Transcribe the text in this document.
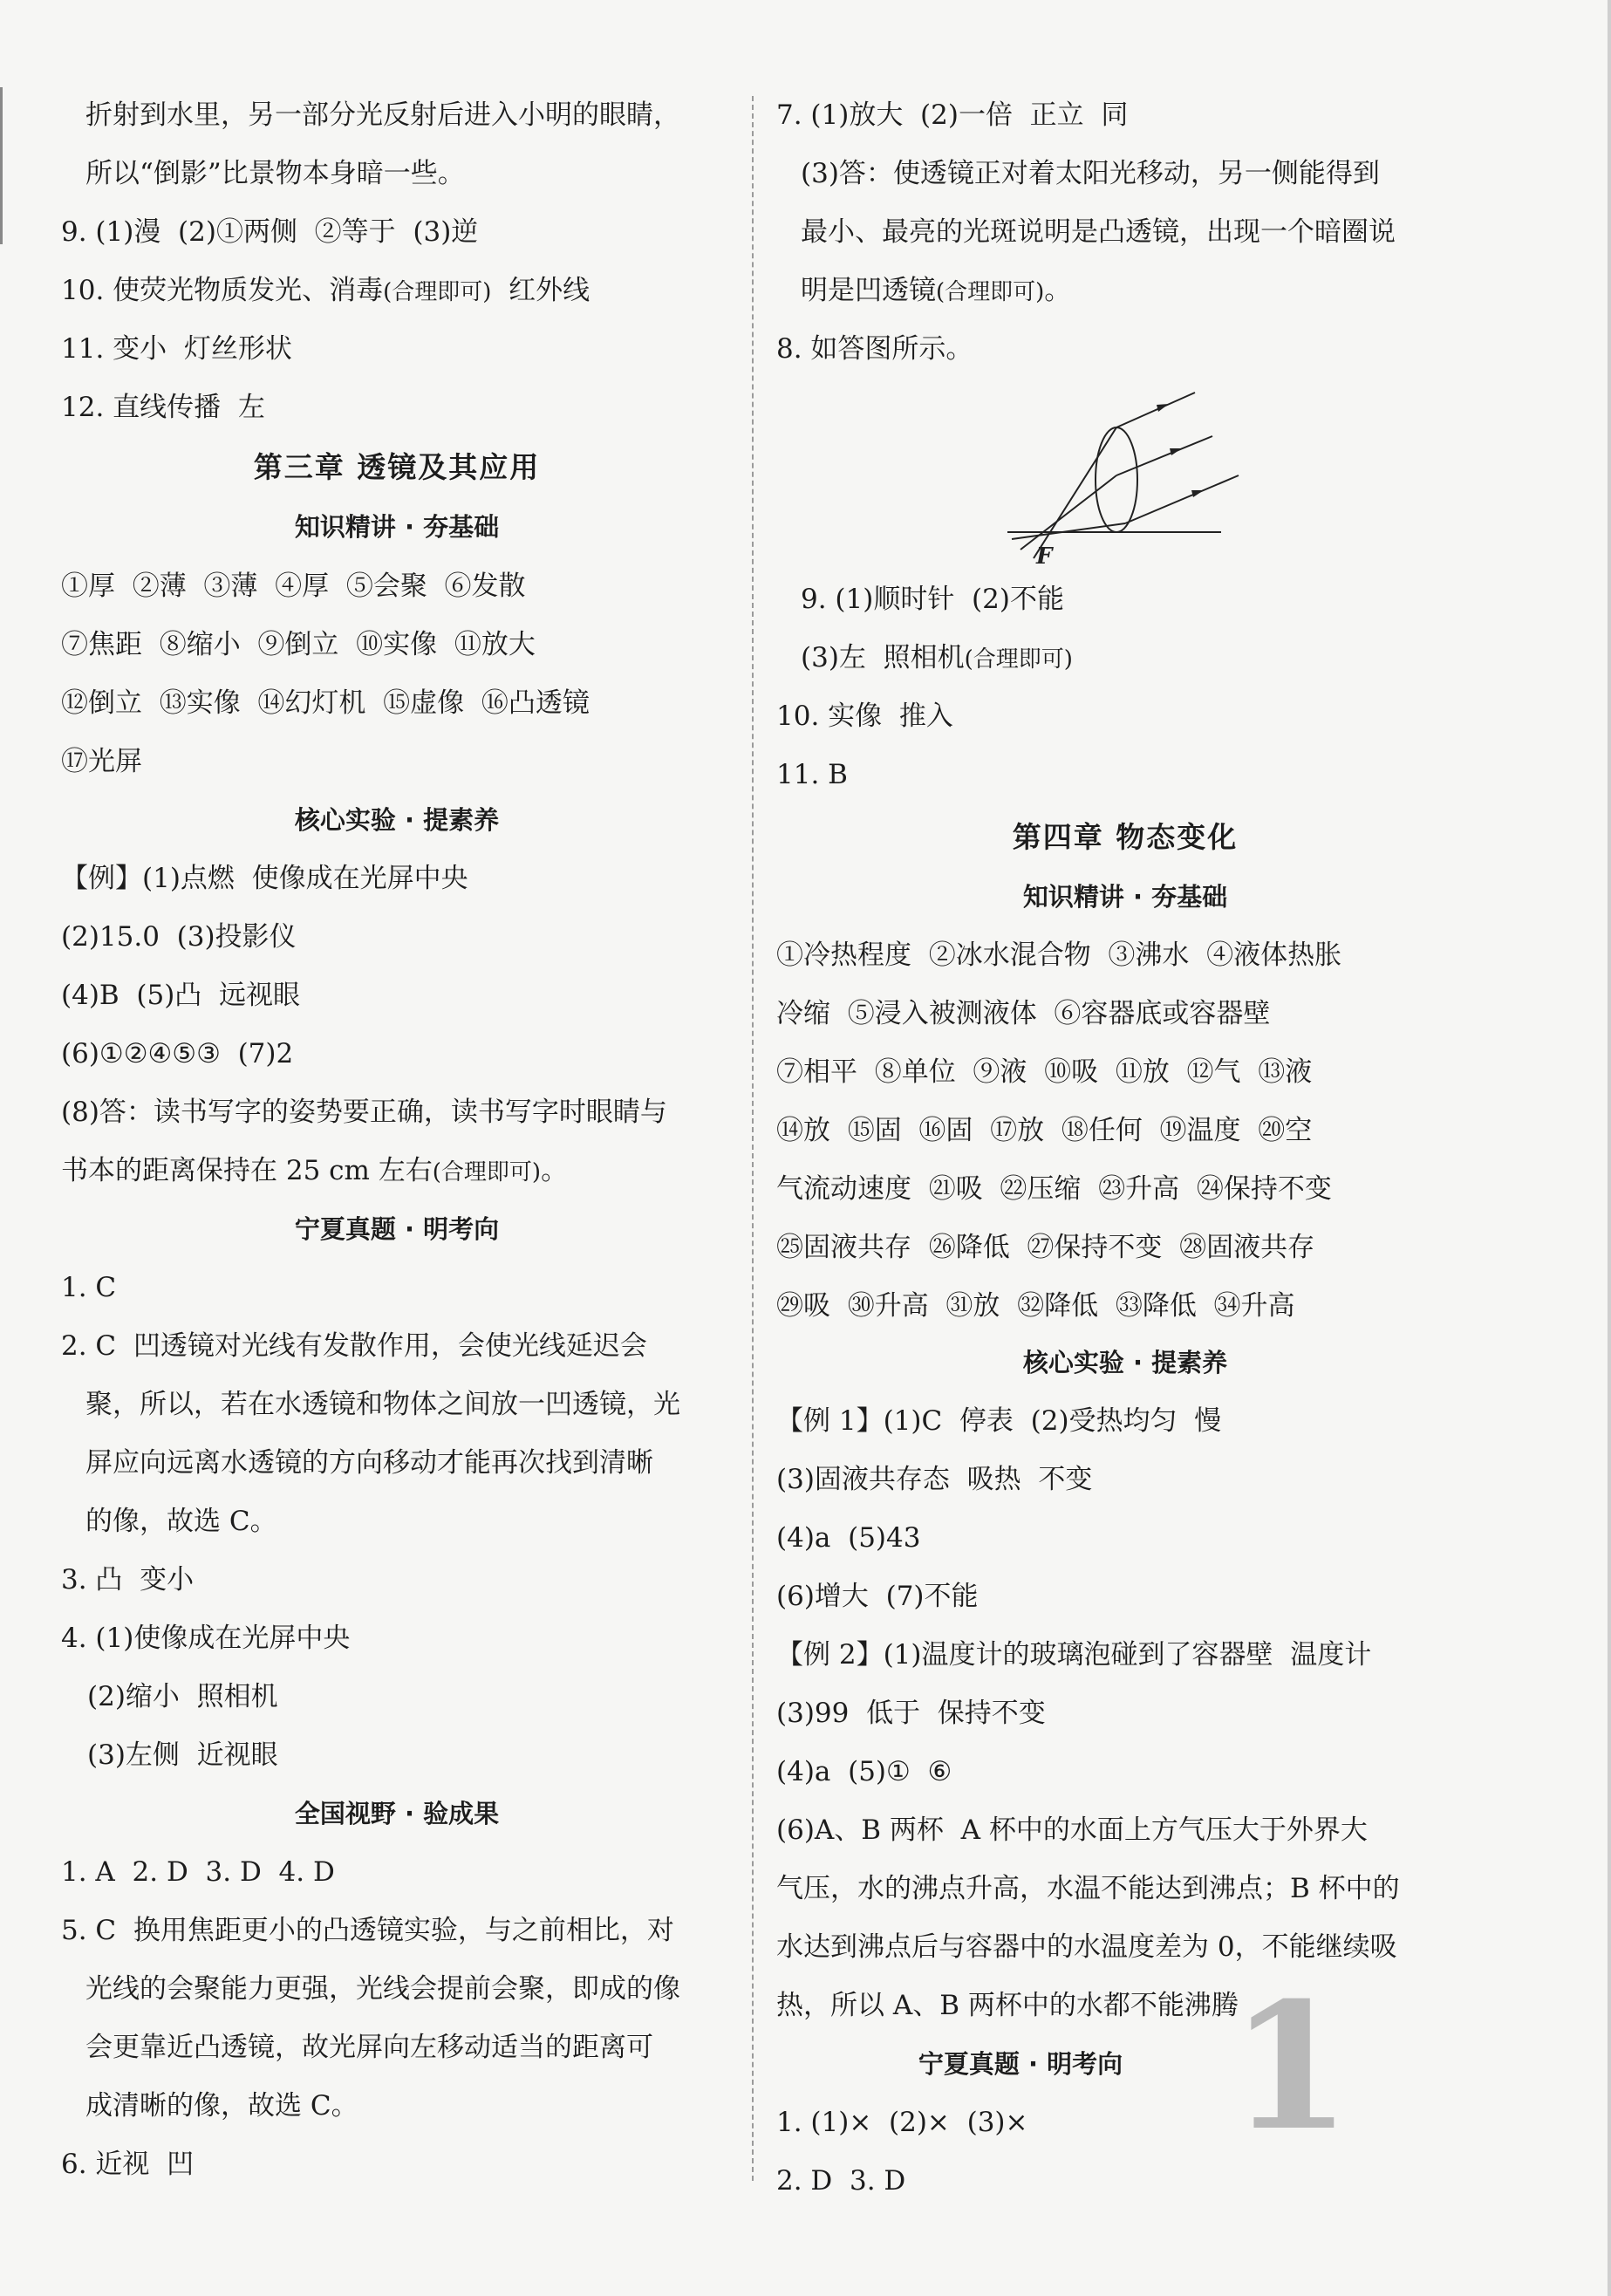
折射到水里，另一部分光反射后进入小明的眼睛，
所以“倒影”比景物本身暗一些。
9. (1)漫  (2)①两侧  ②等于  (3)逆
10. 使荧光物质发光、消毒(合理即可) 红外线
11. 变小  灯丝形状
12. 直线传播  左
第三章 透镜及其应用
知识精讲 · 夯基础
①厚  ②薄  ③薄  ④厚  ⑤会聚  ⑥发散
⑦焦距  ⑧缩小  ⑨倒立  ⑩实像  ⑪放大
⑫倒立  ⑬实像  ⑭幻灯机  ⑮虚像  ⑯凸透镜
⑰光屏
核心实验 · 提素养
【例】(1)点燃  使像成在光屏中央
(2)15.0  (3)投影仪
(4)B  (5)凸  远视眼
(6)①②④⑤③  (7)2
(8)答：读书写字的姿势要正确，读书写字时眼睛与
书本的距离保持在 25 cm 左右(合理即可)。
宁夏真题 · 明考向
1. C
2. C  凹透镜对光线有发散作用，会使光线延迟会
聚，所以，若在水透镜和物体之间放一凹透镜，光
屏应向远离水透镜的方向移动才能再次找到清晰
的像，故选 C。
3. 凸  变小
4. (1)使像成在光屏中央
(2)缩小  照相机
(3)左侧  近视眼
全国视野 · 验成果
1. A  2. D  3. D  4. D
5. C  换用焦距更小的凸透镜实验，与之前相比，对
光线的会聚能力更强，光线会提前会聚，即成的像
会更靠近凸透镜，故光屏向左移动适当的距离可
成清晰的像，故选 C。
6. 近视  凹
7. (1)放大  (2)一倍  正立  同
(3)答：使透镜正对着太阳光移动，另一侧能得到
最小、最亮的光斑说明是凸透镜，出现一个暗圈说
明是凹透镜(合理即可)。
8. 如答图所示。
9. (1)顺时针  (2)不能
(3)左  照相机(合理即可)
10. 实像  推入
11. B
第四章 物态变化
知识精讲 · 夯基础
①冷热程度  ②冰水混合物  ③沸水  ④液体热胀
冷缩  ⑤浸入被测液体  ⑥容器底或容器壁
⑦相平  ⑧单位  ⑨液  ⑩吸  ⑪放  ⑫气  ⑬液
⑭放  ⑮固  ⑯固  ⑰放  ⑱任何  ⑲温度  ⑳空
气流动速度  ㉑吸  ㉒压缩  ㉓升高  ㉔保持不变
㉕固液共存  ㉖降低  ㉗保持不变  ㉘固液共存
㉙吸  ㉚升高  ㉛放  ㉜降低  ㉝降低  ㉞升高
核心实验 · 提素养
【例 1】(1)C  停表  (2)受热均匀  慢
(3)固液共存态  吸热  不变
(4)a  (5)43
(6)增大  (7)不能
【例 2】(1)温度计的玻璃泡碰到了容器壁  温度计
(3)99  低于  保持不变
(4)a  (5)①  ⑥
(6)A、B 两杯  A 杯中的水面上方气压大于外界大
气压，水的沸点升高，水温不能达到沸点；B 杯中的
水达到沸点后与容器中的水温度差为 0，不能继续吸
热，所以 A、B 两杯中的水都不能沸腾
宁夏真题 · 明考向
1. (1)×  (2)×  (3)×
2. D  3. D
F
1
